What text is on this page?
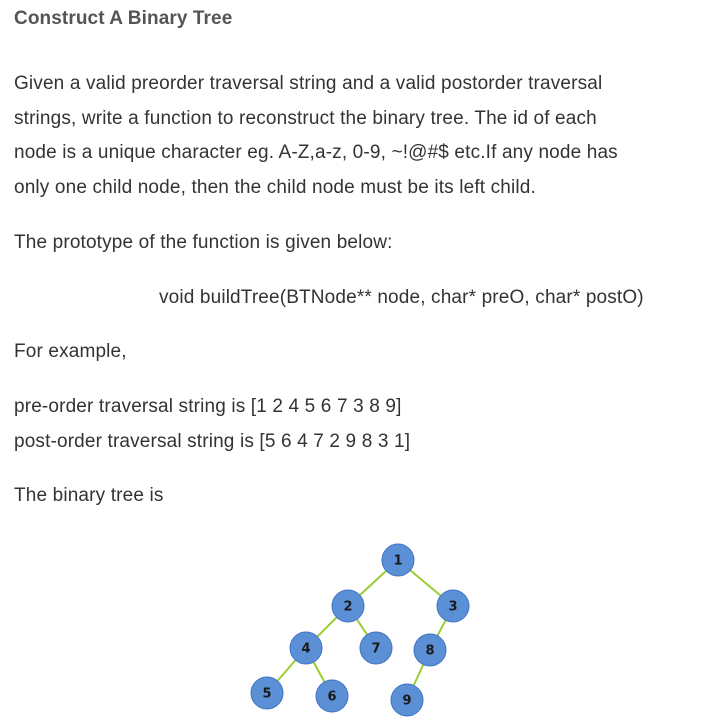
Construct A Binary Tree
Given a valid preorder traversal string and a valid postorder traversal
strings, write a function to reconstruct the binary tree. The id of each
node is a unique character eg. A-Z,a-z, 0-9, ~!@#$ etc.If any node has
only one child node, then the child node must be its left child.
The prototype of the function is given below:
void buildTree(BTNode** node, char* preO, char* postO)
For example,
pre-order traversal string is [1 2 4 5 6 7 3 8 9]
post-order traversal string is [5 6 4 7 2 9 8 3 1]
The binary tree is
1
2	3
4	7	8
5	6	9
